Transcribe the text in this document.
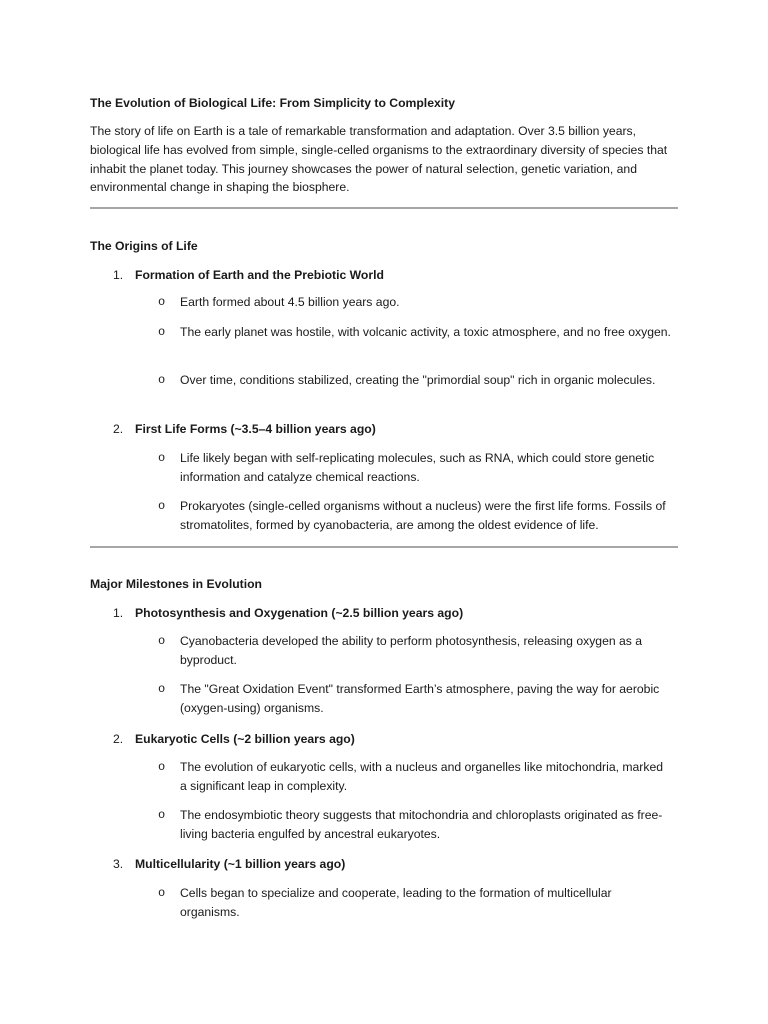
The Evolution of Biological Life: From Simplicity to Complexity
The story of life on Earth is a tale of remarkable transformation and adaptation. Over 3.5 billion years, biological life has evolved from simple, single-celled organisms to the extraordinary diversity of species that inhabit the planet today. This journey showcases the power of natural selection, genetic variation, and environmental change in shaping the biosphere.
The Origins of Life
1. Formation of Earth and the Prebiotic World
o Earth formed about 4.5 billion years ago.
o The early planet was hostile, with volcanic activity, a toxic atmosphere, and no free oxygen.
o Over time, conditions stabilized, creating the "primordial soup" rich in organic molecules.
2. First Life Forms (~3.5–4 billion years ago)
o Life likely began with self-replicating molecules, such as RNA, which could store genetic information and catalyze chemical reactions.
o Prokaryotes (single-celled organisms without a nucleus) were the first life forms. Fossils of stromatolites, formed by cyanobacteria, are among the oldest evidence of life.
Major Milestones in Evolution
1. Photosynthesis and Oxygenation (~2.5 billion years ago)
o Cyanobacteria developed the ability to perform photosynthesis, releasing oxygen as a byproduct.
o The "Great Oxidation Event" transformed Earth’s atmosphere, paving the way for aerobic (oxygen-using) organisms.
2. Eukaryotic Cells (~2 billion years ago)
o The evolution of eukaryotic cells, with a nucleus and organelles like mitochondria, marked a significant leap in complexity.
o The endosymbiotic theory suggests that mitochondria and chloroplasts originated as free-living bacteria engulfed by ancestral eukaryotes.
3. Multicellularity (~1 billion years ago)
o Cells began to specialize and cooperate, leading to the formation of multicellular organisms.
